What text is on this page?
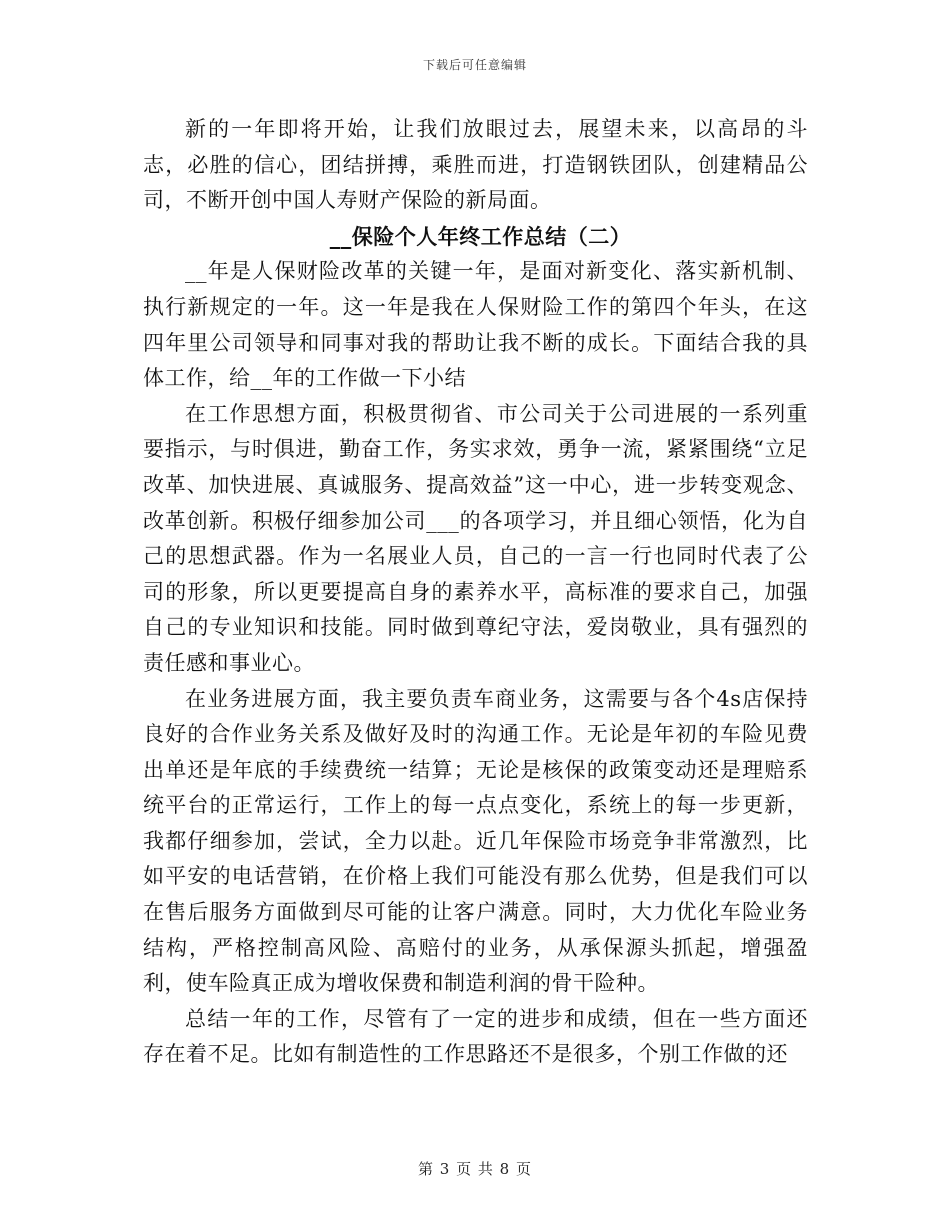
下载后可任意编辑

新的一年即将开始，让我们放眼过去，展望未来，以高昂的斗志，必胜的信心，团结拼搏，乘胜而进，打造钢铁团队，创建精品公司，不断开创中国人寿财产保险的新局面。

__保险个人年终工作总结（二）

__年是人保财险改革的关键一年，是面对新变化、落实新机制、执行新规定的一年。这一年是我在人保财险工作的第四个年头，在这四年里公司领导和同事对我的帮助让我不断的成长。下面结合我的具体工作，给__年的工作做一下小结

在工作思想方面，积极贯彻省、市公司关于公司进展的一系列重要指示，与时俱进，勤奋工作，务实求效，勇争一流，紧紧围绕“立足改革、加快进展、真诚服务、提高效益”这一中心，进一步转变观念、改革创新。积极仔细参加公司___的各项学习，并且细心领悟，化为自己的思想武器。作为一名展业人员，自己的一言一行也同时代表了公司的形象，所以更要提高自身的素养水平，高标准的要求自己，加强自己的专业知识和技能。同时做到尊纪守法，爱岗敬业，具有强烈的责任感和事业心。

在业务进展方面，我主要负责车商业务，这需要与各个4s店保持良好的合作业务关系及做好及时的沟通工作。无论是年初的车险见费出单还是年底的手续费统一结算；无论是核保的政策变动还是理赔系统平台的正常运行，工作上的每一点点变化，系统上的每一步更新，我都仔细参加，尝试，全力以赴。近几年保险市场竞争非常激烈，比如平安的电话营销，在价格上我们可能没有那么优势，但是我们可以在售后服务方面做到尽可能的让客户满意。同时，大力优化车险业务结构，严格控制高风险、高赔付的业务，从承保源头抓起，增强盈利，使车险真正成为增收保费和制造利润的骨干险种。

总结一年的工作，尽管有了一定的进步和成绩，但在一些方面还存在着不足。比如有制造性的工作思路还不是很多，个别工作做的还

第 3 页 共 8 页
